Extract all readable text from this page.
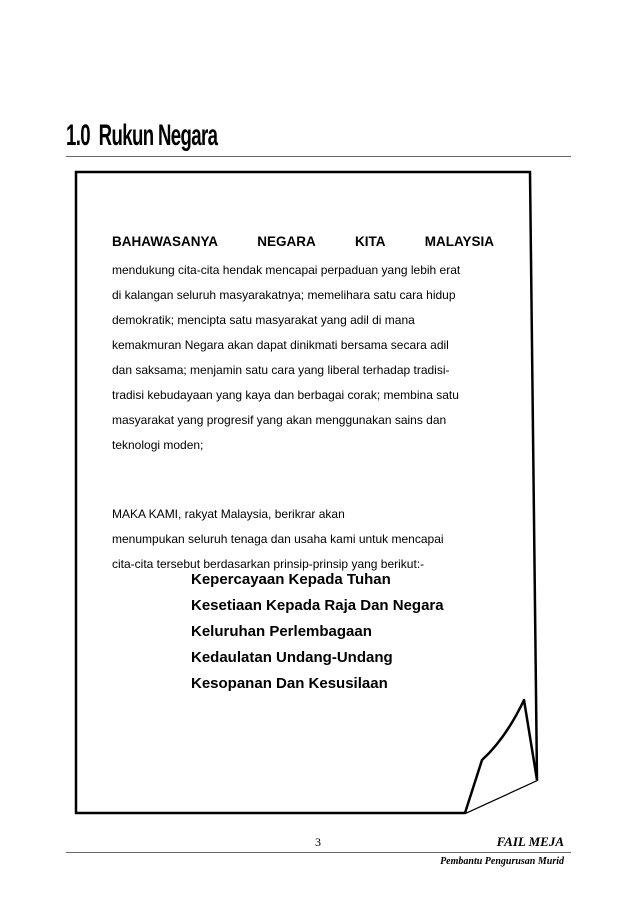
1.0 Rukun Negara
BAHAWASANYA	NEGARA	KITA	MALAYSIA
mendukung cita-cita hendak mencapai perpaduan yang lebih erat
di kalangan seluruh masyarakatnya; memelihara satu cara hidup
demokratik; mencipta satu masyarakat yang adil di mana
kemakmuran Negara akan dapat dinikmati bersama secara adil
dan saksama; menjamin satu cara yang liberal terhadap tradisi-
tradisi kebudayaan yang kaya dan berbagai corak; membina satu
masyarakat yang progresif yang akan menggunakan sains dan
teknologi moden;
MAKA KAMI, rakyat Malaysia, berikrar akan
menumpukan seluruh tenaga dan usaha kami untuk mencapai
cita-cita tersebut berdasarkan prinsip-prinsip yang berikut:-
Kepercayaan Kepada Tuhan
Kesetiaan Kepada Raja Dan Negara
Keluruhan Perlembagaan
Kedaulatan Undang-Undang
Kesopanan Dan Kesusilaan
3	FAIL MEJA
Pembantu Pengurusan Murid
